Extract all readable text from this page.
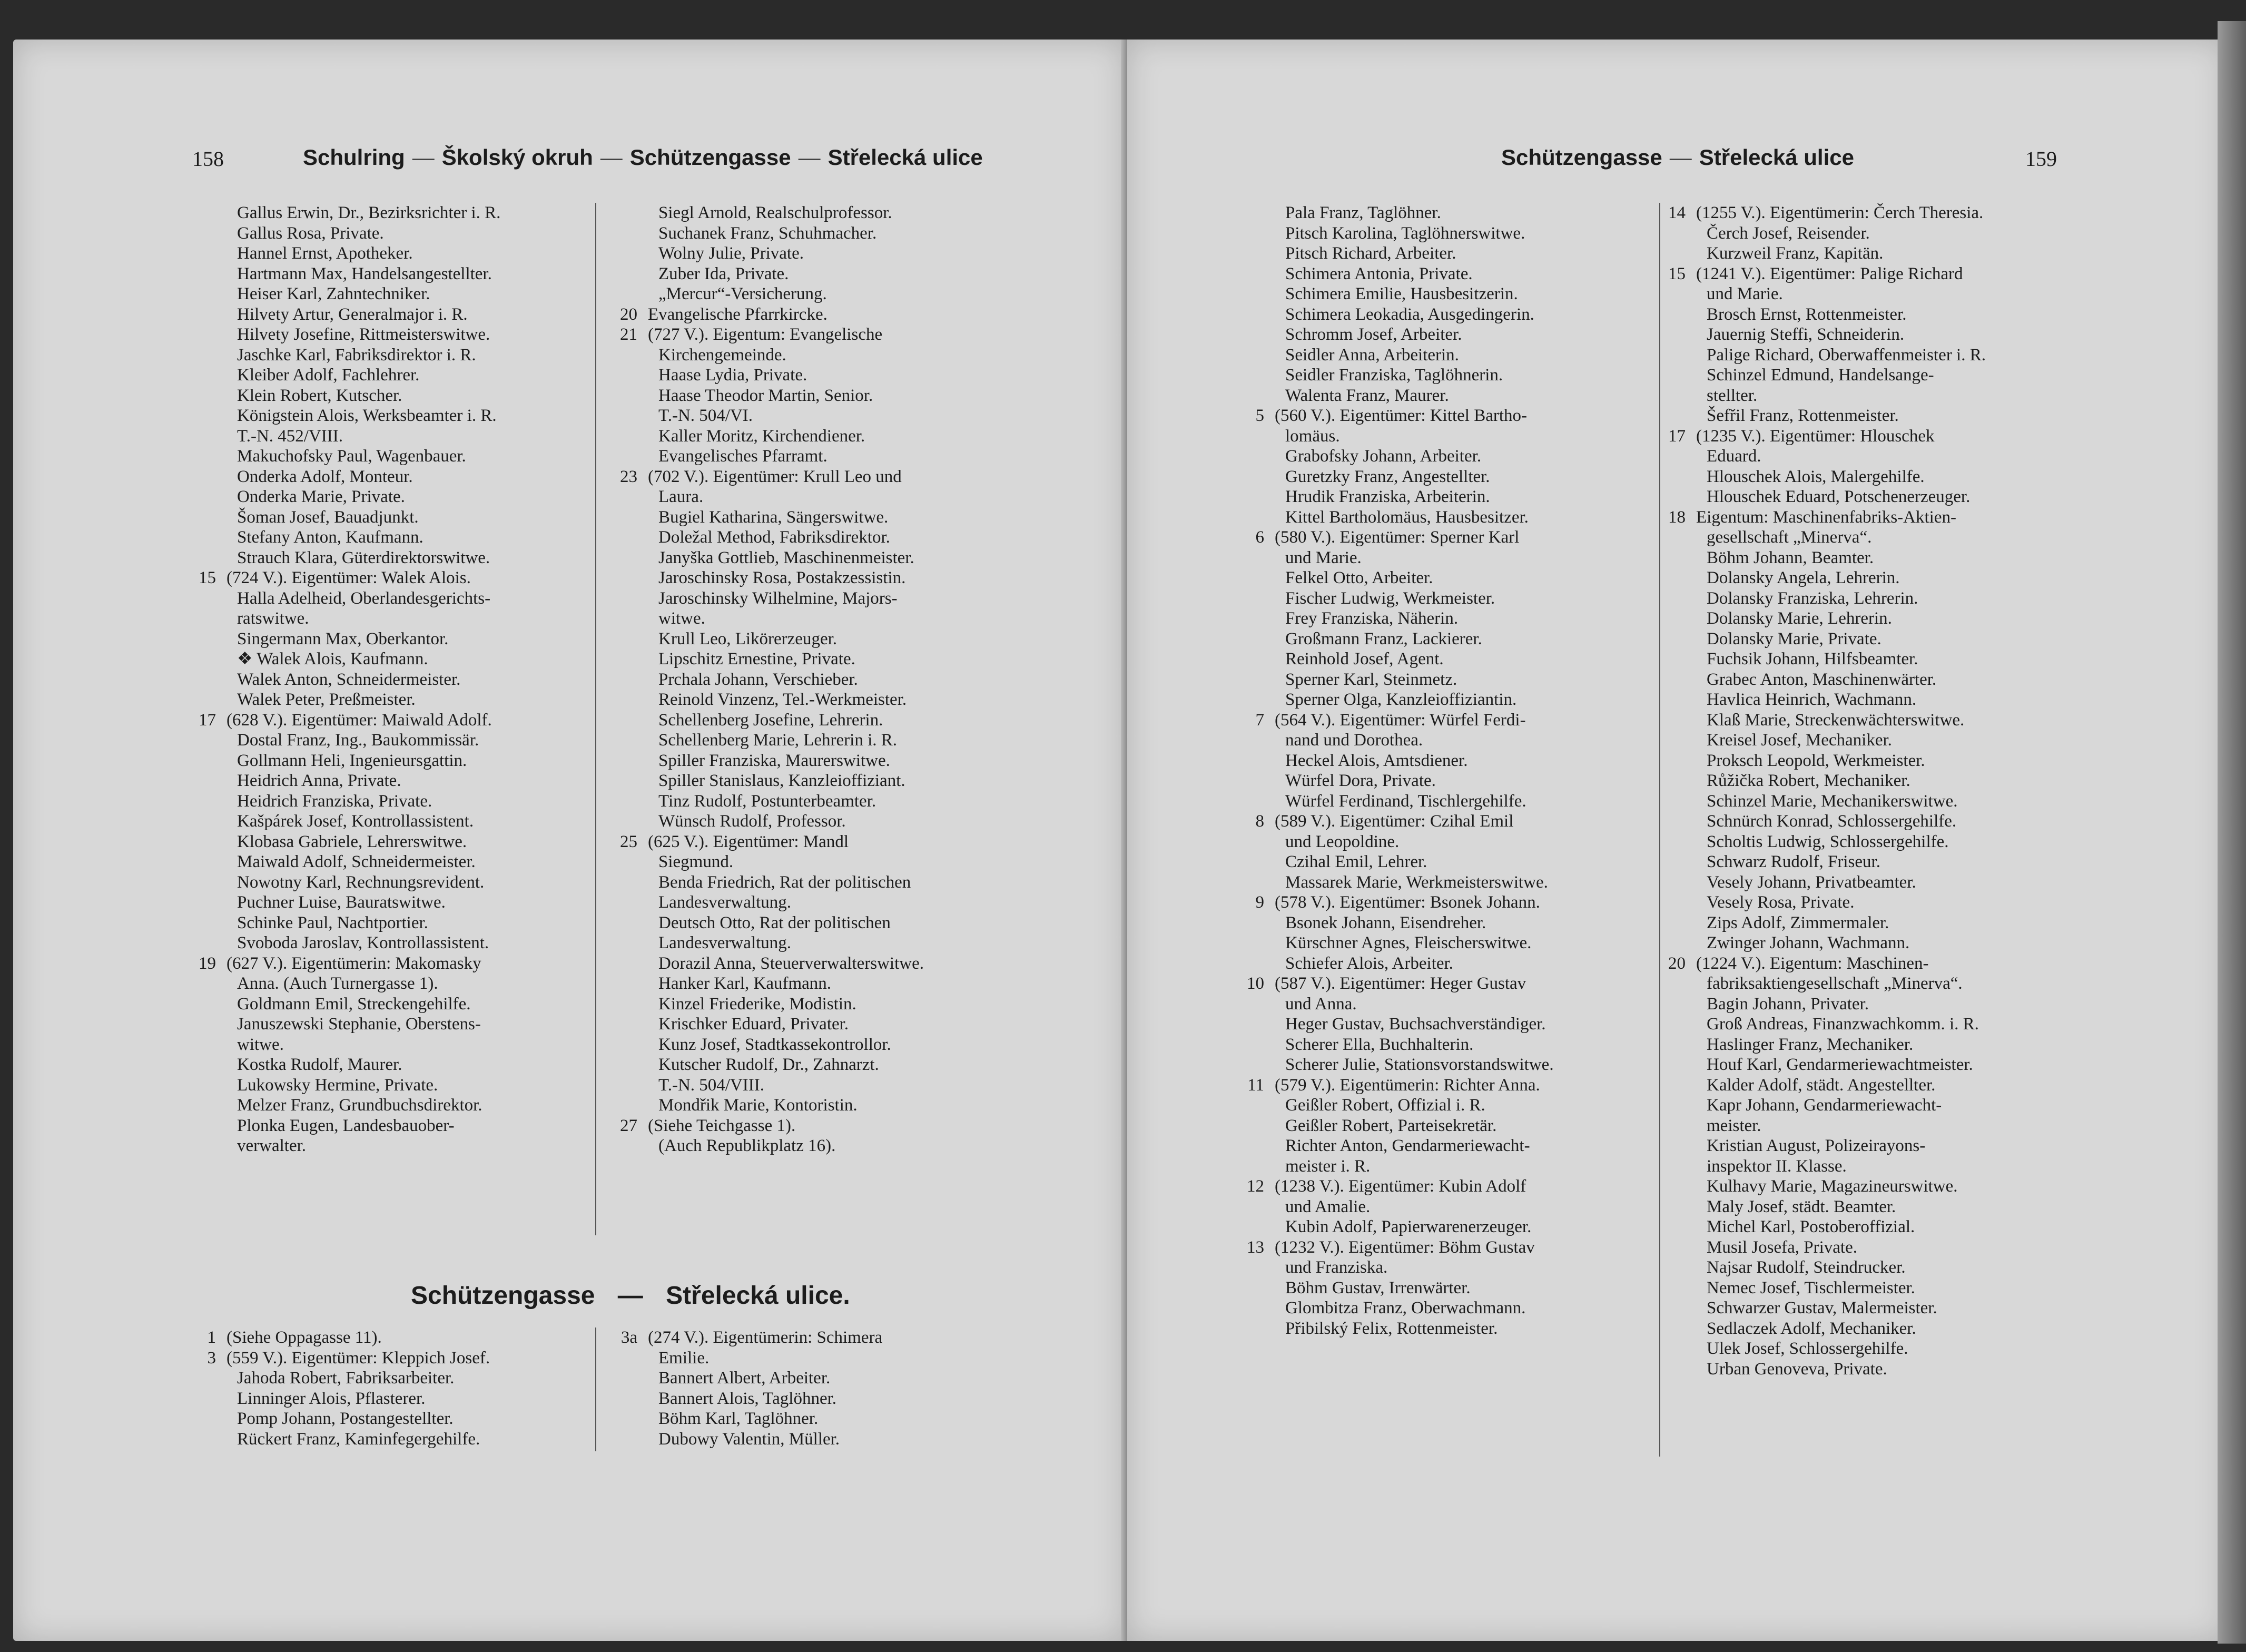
158	Schulring — Školský okruh — Schützengasse — Střelecká ulice	Schützengasse — Střelecká ulice	159
Gallus Erwin, Dr., Bezirksrichter i. R.
Gallus Rosa, Private.
Hannel Ernst, Apotheker.
Hartmann Max, Handelsangestellter.
Heiser Karl, Zahntechniker.
Hilvety Artur, Generalmajor i. R.
Hilvety Josefine, Rittmeisterswitwe.
Jaschke Karl, Fabriksdirektor i. R.
Kleiber Adolf, Fachlehrer.
Klein Robert, Kutscher.
Königstein Alois, Werksbeamter i. R.
T.-N. 452/VIII.
Makuchofsky Paul, Wagenbauer.
Onderka Adolf, Monteur.
Onderka Marie, Private.
Šoman Josef, Bauadjunkt.
Stefany Anton, Kaufmann.
Strauch Klara, Güterdirektorswitwe.
15 (724 V.). Eigentümer: Walek Alois.
Halla Adelheid, Oberlandesgerichts-
ratswitwe.
Singermann Max, Oberkantor.
❖ Walek Alois, Kaufmann.
Walek Anton, Schneidermeister.
Walek Peter, Preßmeister.
17 (628 V.). Eigentümer: Maiwald Adolf.
Dostal Franz, Ing., Baukommissär.
Gollmann Heli, Ingenieursgattin.
Heidrich Anna, Private.
Heidrich Franziska, Private.
Kašpárek Josef, Kontrollassistent.
Klobasa Gabriele, Lehrerswitwe.
Maiwald Adolf, Schneidermeister.
Nowotny Karl, Rechnungsrevident.
Puchner Luise, Bauratswitwe.
Schinke Paul, Nachtportier.
Svoboda Jaroslav, Kontrollassistent.
19 (627 V.). Eigentümerin: Makomasky
Anna. (Auch Turnergasse 1).
Goldmann Emil, Streckengehilfe.
Januszewski Stephanie, Oberstens-
witwe.
Kostka Rudolf, Maurer.
Lukowsky Hermine, Private.
Melzer Franz, Grundbuchsdirektor.
Plonka Eugen, Landesbauober-
verwalter.
Siegl Arnold, Realschulprofessor.
Suchanek Franz, Schuhmacher.
Wolny Julie, Private.
Zuber Ida, Private.
„Mercur“-Versicherung.
20 Evangelische Pfarrkircke.
21 (727 V.). Eigentum: Evangelische
Kirchengemeinde.
Haase Lydia, Private.
Haase Theodor Martin, Senior.
T.-N. 504/VI.
Kaller Moritz, Kirchendiener.
Evangelisches Pfarramt.
23 (702 V.). Eigentümer: Krull Leo und
Laura.
Bugiel Katharina, Sängerswitwe.
Doležal Method, Fabriksdirektor.
Janyška Gottlieb, Maschinenmeister.
Jaroschinsky Rosa, Postakzessistin.
Jaroschinsky Wilhelmine, Majors-
witwe.
Krull Leo, Likörerzeuger.
Lipschitz Ernestine, Private.
Prchala Johann, Verschieber.
Reinold Vinzenz, Tel.-Werkmeister.
Schellenberg Josefine, Lehrerin.
Schellenberg Marie, Lehrerin i. R.
Spiller Franziska, Maurerswitwe.
Spiller Stanislaus, Kanzleioffiziant.
Tinz Rudolf, Postunterbeamter.
Wünsch Rudolf, Professor.
25 (625 V.). Eigentümer: Mandl
Siegmund.
Benda Friedrich, Rat der politischen
Landesverwaltung.
Deutsch Otto, Rat der politischen
Landesverwaltung.
Dorazil Anna, Steuerverwalterswitwe.
Hanker Karl, Kaufmann.
Kinzel Friederike, Modistin.
Krischker Eduard, Privater.
Kunz Josef, Stadtkassekontrollor.
Kutscher Rudolf, Dr., Zahnarzt.
T.-N. 504/VIII.
Mondřik Marie, Kontoristin.
27 (Siehe Teichgasse 1).
(Auch Republikplatz 16).
Schützengasse — Střelecká ulice.
1 (Siehe Oppagasse 11).
3 (559 V.). Eigentümer: Kleppich Josef.
Jahoda Robert, Fabriksarbeiter.
Linninger Alois, Pflasterer.
Pomp Johann, Postangestellter.
Rückert Franz, Kaminfegergehilfe.
3a (274 V.). Eigentümerin: Schimera
Emilie.
Bannert Albert, Arbeiter.
Bannert Alois, Taglöhner.
Böhm Karl, Taglöhner.
Dubowy Valentin, Müller.
Pala Franz, Taglöhner.
Pitsch Karolina, Taglöhnerswitwe.
Pitsch Richard, Arbeiter.
Schimera Antonia, Private.
Schimera Emilie, Hausbesitzerin.
Schimera Leokadia, Ausgedingerin.
Schromm Josef, Arbeiter.
Seidler Anna, Arbeiterin.
Seidler Franziska, Taglöhnerin.
Walenta Franz, Maurer.
5 (560 V.). Eigentümer: Kittel Bartho-
lomäus.
Grabofsky Johann, Arbeiter.
Guretzky Franz, Angestellter.
Hrudik Franziska, Arbeiterin.
Kittel Bartholomäus, Hausbesitzer.
6 (580 V.). Eigentümer: Sperner Karl
und Marie.
Felkel Otto, Arbeiter.
Fischer Ludwig, Werkmeister.
Frey Franziska, Näherin.
Großmann Franz, Lackierer.
Reinhold Josef, Agent.
Sperner Karl, Steinmetz.
Sperner Olga, Kanzleioffiziantin.
7 (564 V.). Eigentümer: Würfel Ferdi-
nand und Dorothea.
Heckel Alois, Amtsdiener.
Würfel Dora, Private.
Würfel Ferdinand, Tischlergehilfe.
8 (589 V.). Eigentümer: Czihal Emil
und Leopoldine.
Czihal Emil, Lehrer.
Massarek Marie, Werkmeisterswitwe.
9 (578 V.). Eigentümer: Bsonek Johann.
Bsonek Johann, Eisendreher.
Kürschner Agnes, Fleischerswitwe.
Schiefer Alois, Arbeiter.
10 (587 V.). Eigentümer: Heger Gustav
und Anna.
Heger Gustav, Buchsachverständiger.
Scherer Ella, Buchhalterin.
Scherer Julie, Stationsvorstandswitwe.
11 (579 V.). Eigentümerin: Richter Anna.
Geißler Robert, Offizial i. R.
Geißler Robert, Parteisekretär.
Richter Anton, Gendarmeriewacht-
meister i. R.
12 (1238 V.). Eigentümer: Kubin Adolf
und Amalie.
Kubin Adolf, Papierwarenerzeuger.
13 (1232 V.). Eigentümer: Böhm Gustav
und Franziska.
Böhm Gustav, Irrenwärter.
Glombitza Franz, Oberwachmann.
Přibilský Felix, Rottenmeister.
14 (1255 V.). Eigentümerin: Čerch Theresia.
Čerch Josef, Reisender.
Kurzweil Franz, Kapitän.
15 (1241 V.). Eigentümer: Palige Richard
und Marie.
Brosch Ernst, Rottenmeister.
Jauernig Steffi, Schneiderin.
Palige Richard, Oberwaffenmeister i. R.
Schinzel Edmund, Handelsange-
stellter.
Šefřil Franz, Rottenmeister.
17 (1235 V.). Eigentümer: Hlouschek
Eduard.
Hlouschek Alois, Malergehilfe.
Hlouschek Eduard, Potschenerzeuger.
18 Eigentum: Maschinenfabriks-Aktien-
gesellschaft „Minerva“.
Böhm Johann, Beamter.
Dolansky Angela, Lehrerin.
Dolansky Franziska, Lehrerin.
Dolansky Marie, Lehrerin.
Dolansky Marie, Private.
Fuchsik Johann, Hilfsbeamter.
Grabec Anton, Maschinenwärter.
Havlica Heinrich, Wachmann.
Klaß Marie, Streckenwächterswitwe.
Kreisel Josef, Mechaniker.
Proksch Leopold, Werkmeister.
Růžička Robert, Mechaniker.
Schinzel Marie, Mechanikerswitwe.
Schnürch Konrad, Schlossergehilfe.
Scholtis Ludwig, Schlossergehilfe.
Schwarz Rudolf, Friseur.
Vesely Johann, Privatbeamter.
Vesely Rosa, Private.
Zips Adolf, Zimmermaler.
Zwinger Johann, Wachmann.
20 (1224 V.). Eigentum: Maschinen-
fabriksaktiengesellschaft „Minerva“.
Bagin Johann, Privater.
Groß Andreas, Finanzwachkomm. i. R.
Haslinger Franz, Mechaniker.
Houf Karl, Gendarmeriewachtmeister.
Kalder Adolf, städt. Angestellter.
Kapr Johann, Gendarmeriewacht-
meister.
Kristian August, Polizeirayons-
inspektor II. Klasse.
Kulhavy Marie, Magazineurswitwe.
Maly Josef, städt. Beamter.
Michel Karl, Postoberoffizial.
Musil Josefa, Private.
Najsar Rudolf, Steindrucker.
Nemec Josef, Tischlermeister.
Schwarzer Gustav, Malermeister.
Sedlaczek Adolf, Mechaniker.
Ulek Josef, Schlossergehilfe.
Urban Genoveva, Private.
